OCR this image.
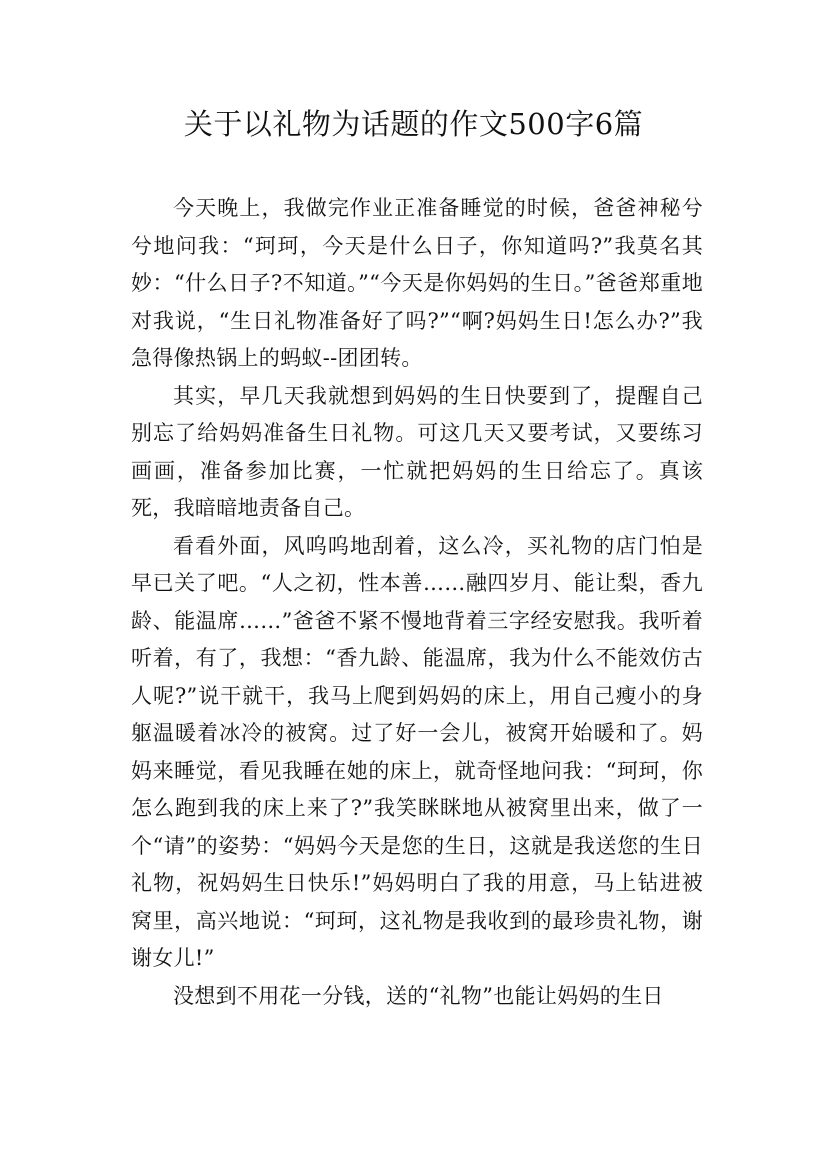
关于以礼物为话题的作文500字6篇

今天晚上，我做完作业正准备睡觉的时候，爸爸神秘兮兮地问我：“珂珂，今天是什么日子，你知道吗?”我莫名其妙：“什么日子?不知道。”“今天是你妈妈的生日。”爸爸郑重地对我说，“生日礼物准备好了吗?”“啊?妈妈生日!怎么办?”我急得像热锅上的蚂蚁--团团转。

其实，早几天我就想到妈妈的生日快要到了，提醒自己别忘了给妈妈准备生日礼物。可这几天又要考试，又要练习画画，准备参加比赛，一忙就把妈妈的生日给忘了。真该死，我暗暗地责备自己。

看看外面，风呜呜地刮着，这么冷，买礼物的店门怕是早已关了吧。“人之初，性本善……融四岁月、能让梨，香九龄、能温席……”爸爸不紧不慢地背着三字经安慰我。我听着听着，有了，我想：“香九龄、能温席，我为什么不能效仿古人呢?”说干就干，我马上爬到妈妈的床上，用自己瘦小的身躯温暖着冰冷的被窝。过了好一会儿，被窝开始暖和了。妈妈来睡觉，看见我睡在她的床上，就奇怪地问我：“珂珂，你怎么跑到我的床上来了?”我笑眯眯地从被窝里出来，做了一个“请”的姿势：“妈妈今天是您的生日，这就是我送您的生日礼物，祝妈妈生日快乐!”妈妈明白了我的用意，马上钻进被窝里，高兴地说：“珂珂，这礼物是我收到的最珍贵礼物，谢谢女儿!”

没想到不用花一分钱，送的“礼物”也能让妈妈的生日
